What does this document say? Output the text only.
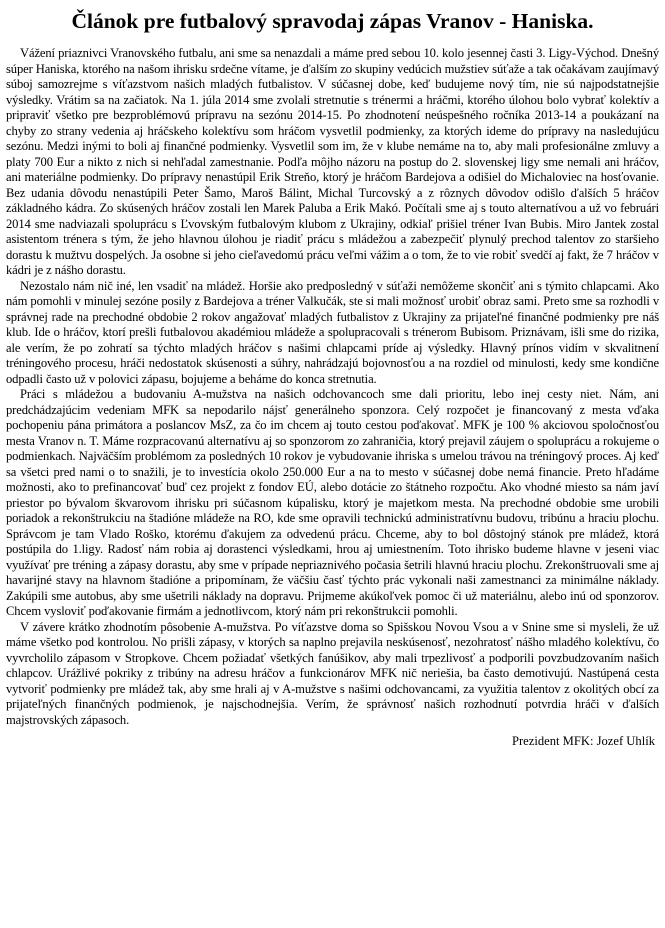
Článok pre futbalový spravodaj zápas Vranov - Haniska.

Vážení priaznivci Vranovského futbalu, ani sme sa nenazdali a máme pred sebou 10. kolo jesennej časti 3. Ligy-Východ. Dnešný súper Haniska, ktorého na našom ihrisku srdečne vítame, je ďalším zo skupiny vedúcich mužstiev súťaže a tak očakávam zaujímavý súboj samozrejme s víťazstvom našich mladých futbalistov. V súčasnej dobe, keď budujeme nový tím, nie sú najpodstatnejšie výsledky. Vrátim sa na začiatok. Na 1. júla 2014 sme zvolali stretnutie s trénermi a hráčmi, ktorého úlohou bolo vybrať kolektív a pripraviť všetko pre bezproblémovú prípravu na sezónu 2014-15. Po zhodnotení neúspešného ročníka 2013-14 a poukázaní na chyby zo strany vedenia aj hráčskeho kolektívu som hráčom vysvetlil podmienky, za ktorých ideme do prípravy na nasledujúcu sezónu. Medzi inými to boli aj finančné podmienky. Vysvetlil som im, že v klube nemáme na to, aby mali profesionálne zmluvy a platy 700 Eur a nikto z nich si nehľadal zamestnanie. Podľa môjho názoru na postup do 2. slovenskej ligy sme nemali ani hráčov, ani materiálne podmienky. Do prípravy nenastúpil Erik Streňo, ktorý je hráčom Bardejova a odišiel do Michaloviec na hosťovanie. Bez udania dôvodu nenastúpili Peter Šamo, Maroš Bálint, Michal Turcovský a z rôznych dôvodov odišlo ďalších 5 hráčov základného kádra. Zo skúsených hráčov zostali len Marek Paluba a Erik Makó. Počítali sme aj s touto alternatívou a už vo februári 2014 sme nadviazali spoluprácu s Ľvovským futbalovým klubom z Ukrajiny, odkiaľ prišiel tréner Ivan Bubis. Miro Jantek zostal asistentom trénera s tým, že jeho hlavnou úlohou je riadiť prácu s mládežou a zabezpečiť plynulý prechod talentov zo staršieho dorastu k mužtvu dospelých. Ja osobne si jeho cieľavedomú prácu veľmi vážim a o tom, že to vie robiť svedčí aj fakt, že 7 hráčov v kádri je z nášho dorastu.

Nezostalo nám nič iné, len vsadiť na mládež. Horšie ako predposledný v súťaži nemôžeme skončiť ani s týmito chlapcami. Ako nám pomohli v minulej sezóne posily z Bardejova a tréner Valkučák, ste si mali možnosť urobiť obraz sami. Preto sme sa rozhodli v správnej rade na prechodné obdobie 2 rokov angažovať mladých futbalistov z Ukrajiny za prijateľné finančné podmienky pre náš klub. Ide o hráčov, ktorí prešli futbalovou akadémiou mládeže a spolupracovali s trénerom Bubisom. Priznávam, išli sme do rizika, ale verím, že po zohratí sa týchto mladých hráčov s našimi chlapcami príde aj výsledky. Hlavný prínos vidím v skvalitnení tréningového procesu, hráči nedostatok skúsenosti a súhry, nahrádzajú bojovnosťou a na rozdiel od minulosti, kedy sme kondične odpadli často už v polovici zápasu, bojujeme a beháme do konca stretnutia.

Práci s mládežou a budovaniu A-mužstva na našich odchovancoch sme dali prioritu, lebo inej cesty niet. Nám, ani predchádzajúcim vedeniam MFK sa nepodarilo nájsť generálneho sponzora. Celý rozpočet je financovaný z mesta vďaka pochopeniu pána primátora a poslancov MsZ, za čo im chcem aj touto cestou poďakovať. MFK je 100 % akciovou spoločnosťou mesta Vranov n. T. Máme rozpracovanú alternatívu aj so sponzorom zo zahraničia, ktorý prejavil záujem o spoluprácu a rokujeme o podmienkach. Najväčším problémom za posledných 10 rokov je vybudovanie ihriska s umelou trávou na tréningový proces. Aj keď sa všetci pred nami o to snažili, je to investícia okolo 250.000 Eur a na to mesto v súčasnej dobe nemá financie. Preto hľadáme možnosti, ako to prefinancovať buď cez projekt z fondov EÚ, alebo dotácie zo štátneho rozpočtu. Ako vhodné miesto sa nám javí priestor po bývalom škvarovom ihrisku pri súčasnom kúpalisku, ktorý je majetkom mesta. Na prechodné obdobie sme urobili poriadok a rekonštrukciu na štadióne mládeže na RO, kde sme opravili technickú administratívnu budovu, tribúnu a hraciu plochu. Správcom je tam Vlado Roško, ktorému ďakujem za odvedenú prácu. Chceme, aby to bol dôstojný stánok pre mládež, ktorá postúpila do 1.ligy. Radosť nám robia aj dorastenci výsledkami, hrou aj umiestnením. Toto ihrisko budeme hlavne v jeseni viac využívať pre tréning a zápasy dorastu, aby sme v prípade nepriaznivého počasia šetrili hlavnú hraciu plochu. Zrekonštruovali sme aj havarijné stavy na hlavnom štadióne a pripomínam, že väčšiu časť týchto prác vykonali naši zamestnanci za minimálne náklady. Zakúpili sme autobus, aby sme ušetrili náklady na dopravu. Prijmeme akúkoľvek pomoc či už materiálnu, alebo inú od sponzorov. Chcem vysloviť poďakovanie firmám a jednotlivcom, ktorý nám pri rekonštrukcii pomohli.

V závere krátko zhodnotím pôsobenie A-mužstva. Po víťazstve doma so Spišskou Novou Vsou a v Snine sme si mysleli, že už máme všetko pod kontrolou. No prišli zápasy, v ktorých sa naplno prejavila neskúsenosť, nezohratosť nášho mladého kolektívu, čo vyvrcholilo zápasom v Stropkove. Chcem požiadať všetkých fanúšikov, aby mali trpezlivosť a podporili povzbudzovaním našich chlapcov. Urážlivé pokriky z tribúny na adresu hráčov a funkcionárov MFK nič neriešia, ba často demotivujú. Nastúpená cesta vytvoriť podmienky pre mládež tak, aby sme hrali aj v A-mužstve s našimi odchovancami, za využitia talentov z okolitých obcí za prijateľných finančných podmienok, je najschodnejšia. Verím, že správnosť našich rozhodnutí potvrdia hráči v ďalších majstrovských zápasoch.

Prezident MFK: Jozef Uhlík
